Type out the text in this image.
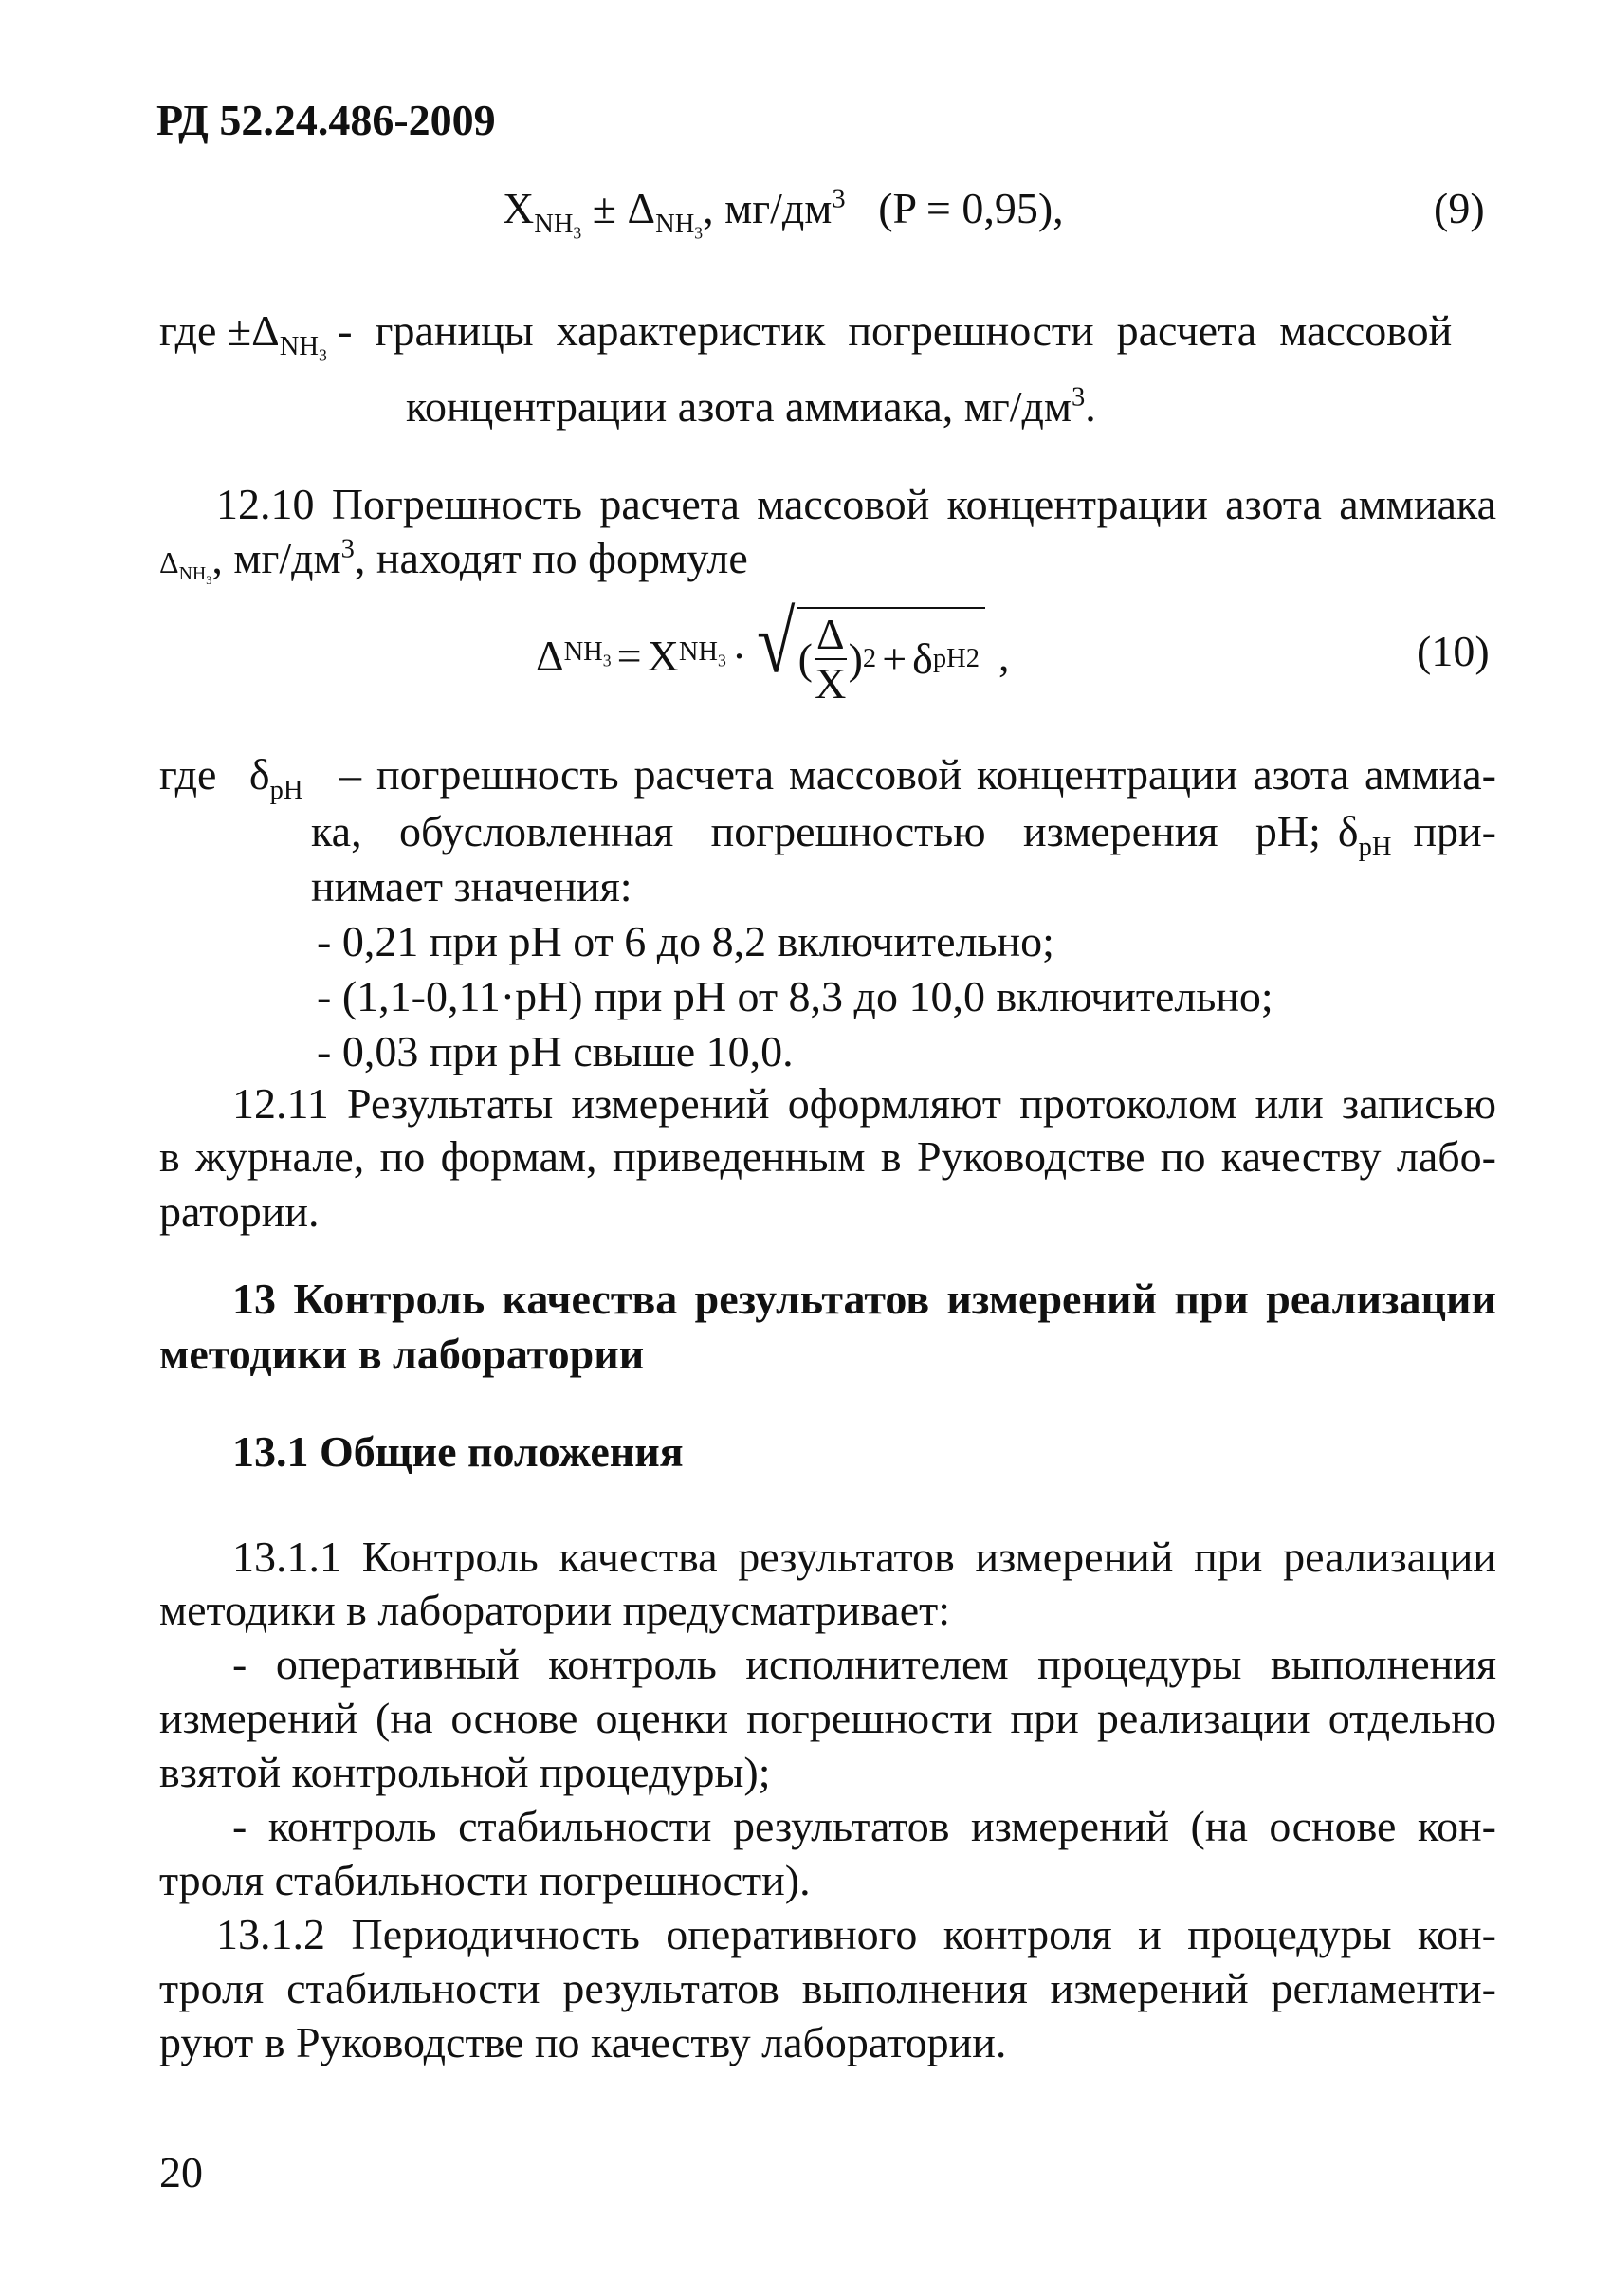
РД 52.24.486-2009
$X_{NH_3} \pm \Delta_{NH_3}$, $мг/дм^3$ (P = 0,95),	(9)
где $\pm\Delta_{NH_3}$ - границы характеристик погрешности расчета массовой
концентрации азота аммиака, $мг/дм^3$.
12.10 Погрешность расчета массовой концентрации азота аммиака
$\Delta_{NH_3}$, $мг/дм^3$, находят по формуле
Δ $NH_3 = X$ $NH_3$ · √ ( $\frac{\Delta}{X}$ ) 2 + δ pH 2 ,	(10)
где $\delta_{pH}$ – погрешность расчета массовой концентрации азота аммиа-
ка, обусловленная погрешностью измерения pH; $\delta_{pH}$ при-
нимает значения:
- 0,21 при pH от 6 до 8,2 включительно;
- (1,1-0,11·pH) при pH от 8,3 до 10,0 включительно;
- 0,03 при pH свыше 10,0.
12.11 Результаты измерений оформляют протоколом или записью
в журнале, по формам, приведенным в Руководстве по качеству лабо-
ратории.
13 Контроль качества результатов измерений при реализации
методики в лаборатории
13.1 Общие положения
13.1.1 Контроль качества результатов измерений при реализации
методики в лаборатории предусматривает:
- оперативный контроль исполнителем процедуры выполнения
измерений (на основе оценки погрешности при реализации отдельно
взятой контрольной процедуры);
- контроль стабильности результатов измерений (на основе кон-
троля стабильности погрешности).
13.1.2 Периодичность оперативного контроля и процедуры кон-
троля стабильности результатов выполнения измерений регламенти-
руют в Руководстве по качеству лаборатории.
20
